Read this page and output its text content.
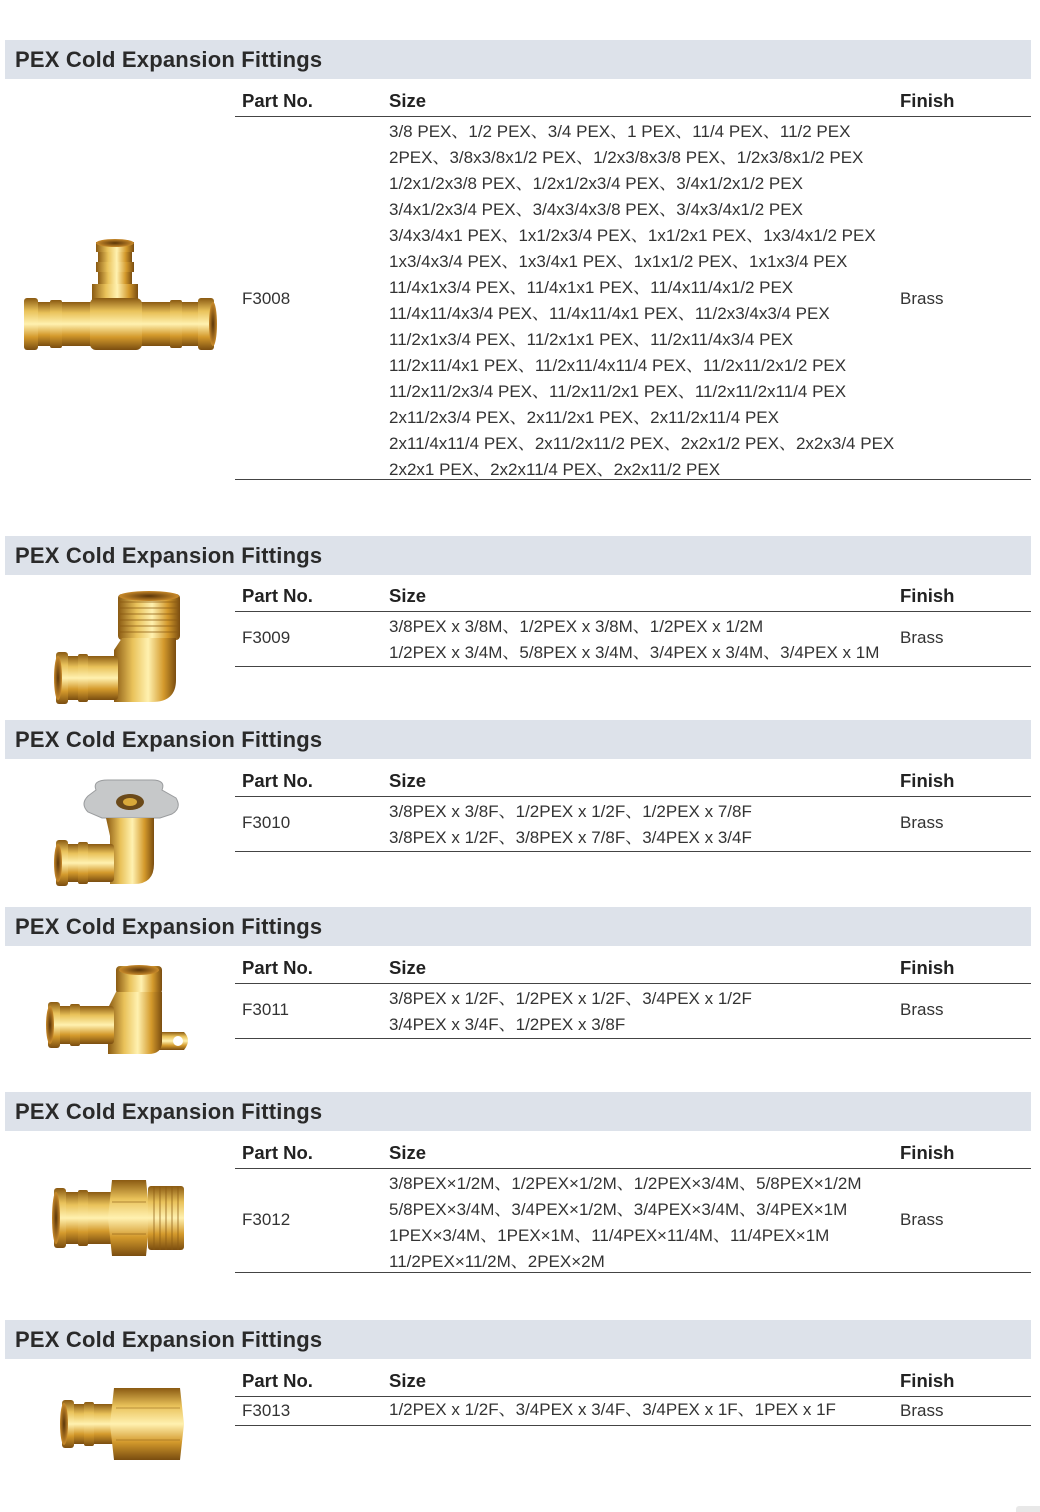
PEX Cold Expansion Fittings
Part No.	Size	Finish
F3008
3/8 PEX、1/2 PEX、3/4 PEX、1 PEX、11/4 PEX、11/2 PEX
2PEX、3/8x3/8x1/2 PEX、1/2x3/8x3/8 PEX、1/2x3/8x1/2 PEX
1/2x1/2x3/8 PEX、1/2x1/2x3/4 PEX、3/4x1/2x1/2 PEX
3/4x1/2x3/4 PEX、3/4x3/4x3/8 PEX、3/4x3/4x1/2 PEX
3/4x3/4x1 PEX、1x1/2x3/4 PEX、1x1/2x1 PEX、1x3/4x1/2 PEX
1x3/4x3/4 PEX、1x3/4x1 PEX、1x1x1/2 PEX、1x1x3/4 PEX
11/4x1x3/4 PEX、11/4x1x1 PEX、11/4x11/4x1/2 PEX
11/4x11/4x3/4 PEX、11/4x11/4x1 PEX、11/2x3/4x3/4 PEX
11/2x1x3/4 PEX、11/2x1x1 PEX、11/2x11/4x3/4 PEX
11/2x11/4x1 PEX、11/2x11/4x11/4 PEX、11/2x11/2x1/2 PEX
11/2x11/2x3/4 PEX、11/2x11/2x1 PEX、11/2x11/2x11/4 PEX
2x11/2x3/4 PEX、2x11/2x1 PEX、2x11/2x11/4 PEX
2x11/4x11/4 PEX、2x11/2x11/2 PEX、2x2x1/2 PEX、2x2x3/4 PEX
2x2x1 PEX、2x2x11/4 PEX、2x2x11/2 PEX
Brass
PEX Cold Expansion Fittings
Part No.	Size	Finish
F3009
3/8PEX x 3/8M、1/2PEX x 3/8M、1/2PEX x 1/2M
1/2PEX x 3/4M、5/8PEX x 3/4M、3/4PEX x 3/4M、3/4PEX x 1M
Brass
PEX Cold Expansion Fittings
Part No.	Size	Finish
F3010
3/8PEX x 3/8F、1/2PEX x 1/2F、1/2PEX x 7/8F
3/8PEX x 1/2F、3/8PEX x 7/8F、3/4PEX x 3/4F
Brass
PEX Cold Expansion Fittings
Part No.	Size	Finish
F3011
3/8PEX x 1/2F、1/2PEX x 1/2F、3/4PEX x 1/2F
3/4PEX x 3/4F、1/2PEX x 3/8F
Brass
PEX Cold Expansion Fittings
Part No.	Size	Finish
F3012
3/8PEX×1/2M、1/2PEX×1/2M、1/2PEX×3/4M、5/8PEX×1/2M
5/8PEX×3/4M、3/4PEX×1/2M、3/4PEX×3/4M、3/4PEX×1M
1PEX×3/4M、1PEX×1M、11/4PEX×11/4M、11/4PEX×1M
11/2PEX×11/2M、2PEX×2M
Brass
PEX Cold Expansion Fittings
Part No.	Size	Finish
F3013	1/2PEX x 1/2F、3/4PEX x 3/4F、3/4PEX x 1F、1PEX x 1F	Brass
